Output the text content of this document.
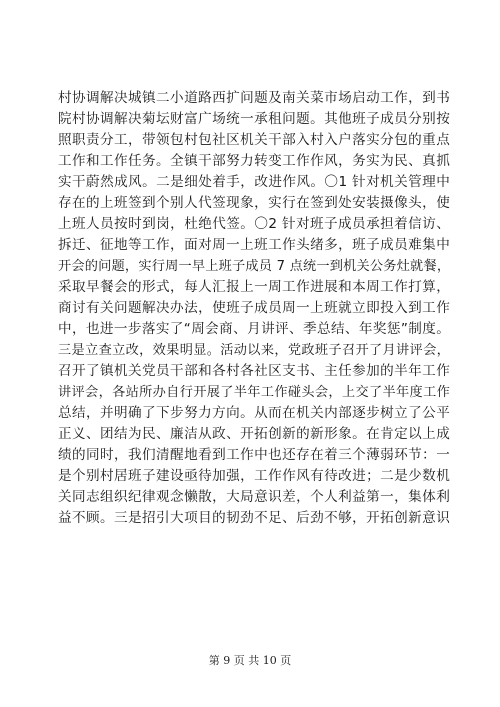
村协调解决城镇二小道路西扩问题及南关菜市场启动工作，到书
院村协调解决菊坛财富广场统一承租问题。其他班子成员分别按
照职责分工，带领包村包社区机关干部入村入户落实分包的重点
工作和工作任务。全镇干部努力转变工作作风，务实为民、真抓
实干蔚然成风。二是细处着手，改进作风。〇1 针对机关管理中
存在的上班签到个别人代签现象，实行在签到处安装摄像头，使
上班人员按时到岗，杜绝代签。〇2 针对班子成员承担着信访、
拆迁、征地等工作，面对周一上班工作头绪多，班子成员难集中
开会的问题，实行周一早上班子成员 7 点统一到机关公务灶就餐，
采取早餐会的形式，每人汇报上一周工作进展和本周工作打算，
商讨有关问题解决办法，使班子成员周一上班就立即投入到工作
中，也进一步落实了“周会商、月讲评、季总结、年奖惩”制度。
三是立查立改，效果明显。活动以来，党政班子召开了月讲评会，
召开了镇机关党员干部和各村各社区支书、主任参加的半年工作
讲评会，各站所办自行开展了半年工作碰头会，上交了半年度工作
总结，并明确了下步努力方向。从而在机关内部逐步树立了公平
正义、团结为民、廉洁从政、开拓创新的新形象。在肯定以上成
绩的同时，我们清醒地看到工作中也还存在着三个薄弱环节：一
是个别村居班子建设亟待加强，工作作风有待改进；二是少数机
关同志组织纪律观念懒散，大局意识差，个人利益第一，集体利
益不顾。三是招引大项目的韧劲不足、后劲不够，开拓创新意识
第 9 页 共 10 页
